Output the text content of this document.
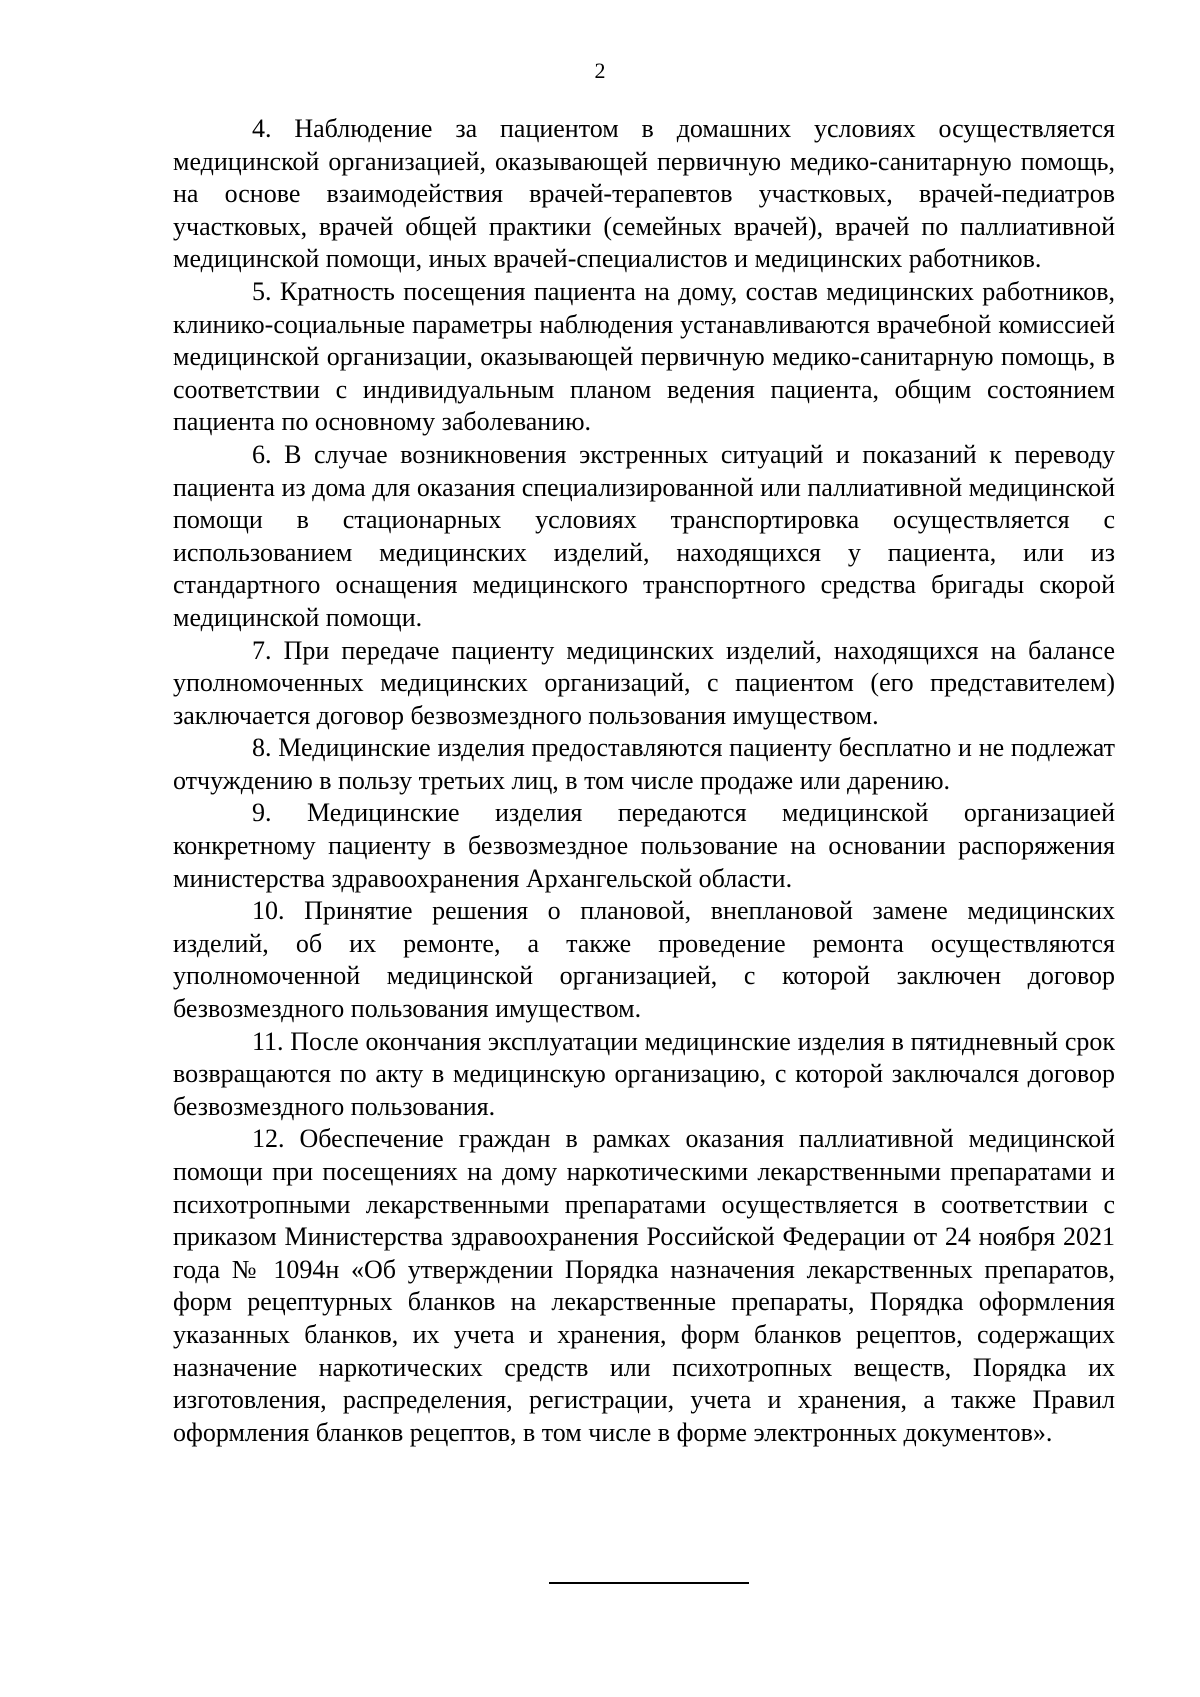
2

4. Наблюдение за пациентом в домашних условиях осуществляется медицинской организацией, оказывающей первичную медико-санитарную помощь, на основе взаимодействия врачей-терапевтов участковых, врачей-педиатров участковых, врачей общей практики (семейных врачей), врачей по паллиативной медицинской помощи, иных врачей-специалистов и медицинских работников.

5. Кратность посещения пациента на дому, состав медицинских работников, клинико-социальные параметры наблюдения устанавливаются врачебной комиссией медицинской организации, оказывающей первичную медико-санитарную помощь, в соответствии с индивидуальным планом ведения пациента, общим состоянием пациента по основному заболеванию.

6. В случае возникновения экстренных ситуаций и показаний к переводу пациента из дома для оказания специализированной или паллиативной медицинской помощи в стационарных условиях транспортировка осуществляется с использованием медицинских изделий, находящихся у пациента, или из стандартного оснащения медицинского транспортного средства бригады скорой медицинской помощи.

7. При передаче пациенту медицинских изделий, находящихся на балансе уполномоченных медицинских организаций, с пациентом (его представителем) заключается договор безвозмездного пользования имуществом.

8. Медицинские изделия предоставляются пациенту бесплатно и не подлежат отчуждению в пользу третьих лиц, в том числе продаже или дарению.

9. Медицинские изделия передаются медицинской организацией конкретному пациенту в безвозмездное пользование на основании распоряжения министерства здравоохранения Архангельской области.

10. Принятие решения о плановой, внеплановой замене медицинских изделий, об их ремонте, а также проведение ремонта осуществляются уполномоченной медицинской организацией, с которой заключен договор безвозмездного пользования имуществом.

11. После окончания эксплуатации медицинские изделия в пятидневный срок возвращаются по акту в медицинскую организацию, с которой заключался договор безвозмездного пользования.

12. Обеспечение граждан в рамках оказания паллиативной медицинской помощи при посещениях на дому наркотическими лекарственными препаратами и психотропными лекарственными препаратами осуществляется в соответствии с приказом Министерства здравоохранения Российской Федерации от 24 ноября 2021 года № 1094н «Об утверждении Порядка назначения лекарственных препаратов, форм рецептурных бланков на лекарственные препараты, Порядка оформления указанных бланков, их учета и хранения, форм бланков рецептов, содержащих назначение наркотических средств или психотропных веществ, Порядка их изготовления, распределения, регистрации, учета и хранения, а также Правил оформления бланков рецептов, в том числе в форме электронных документов».
